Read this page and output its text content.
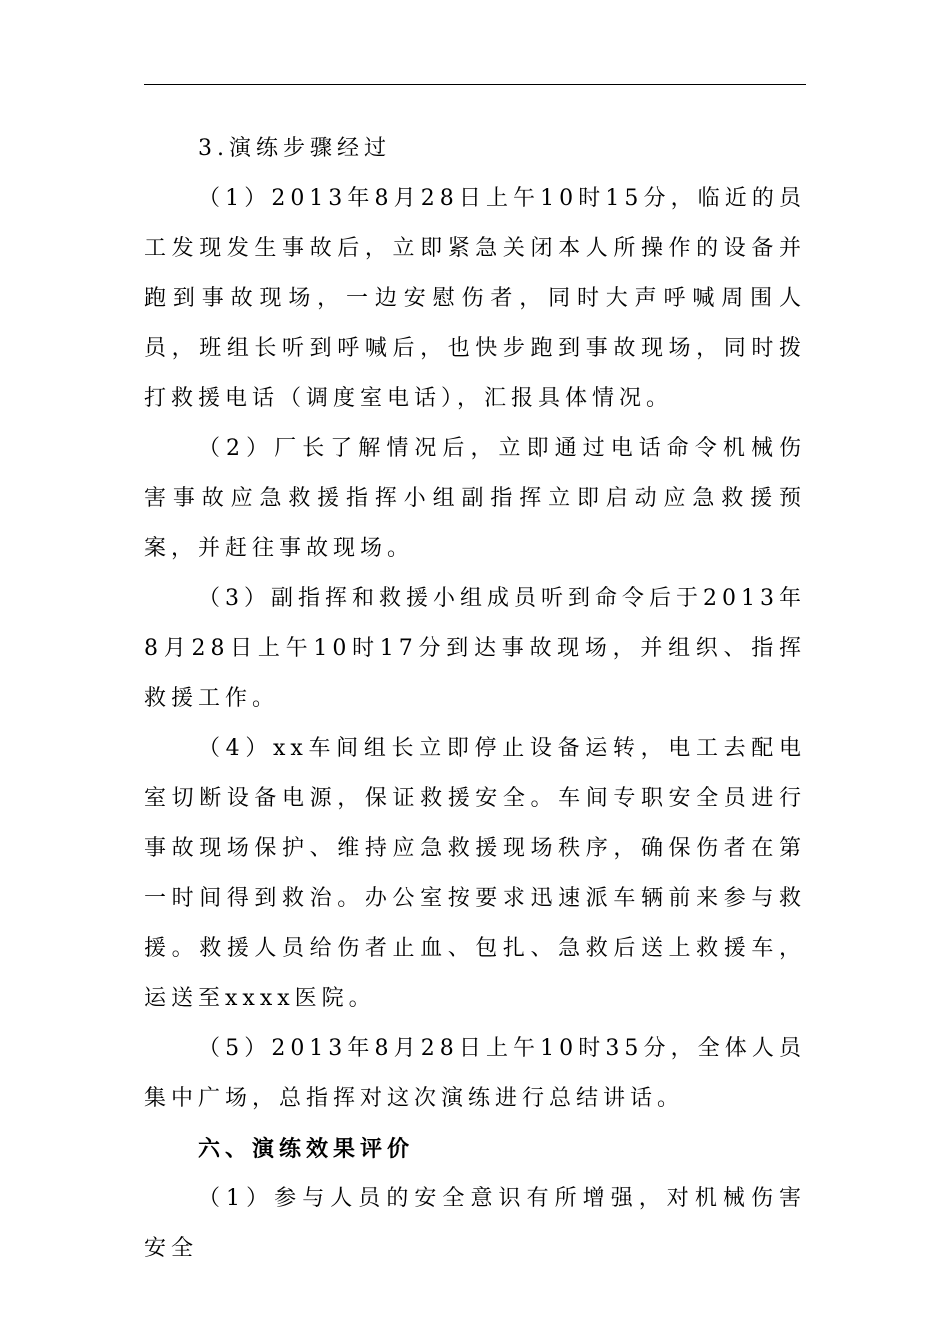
3.演练步骤经过

（1）2013年8月28日上午10时15分，临近的员工发现发生事故后，立即紧急关闭本人所操作的设备并跑到事故现场，一边安慰伤者，同时大声呼喊周围人员，班组长听到呼喊后，也快步跑到事故现场，同时拨打救援电话（调度室电话），汇报具体情况。

（2）厂长了解情况后，立即通过电话命令机械伤害事故应急救援指挥小组副指挥立即启动应急救援预案，并赶往事故现场。

（3）副指挥和救援小组成员听到命令后于2013年8月28日上午10时17分到达事故现场，并组织、指挥救援工作。

（4）xx车间组长立即停止设备运转，电工去配电室切断设备电源，保证救援安全。车间专职安全员进行事故现场保护、维持应急救援现场秩序，确保伤者在第一时间得到救治。办公室按要求迅速派车辆前来参与救援。救援人员给伤者止血、包扎、急救后送上救援车，运送至xxxx医院。

（5）2013年8月28日上午10时35分，全体人员集中广场，总指挥对这次演练进行总结讲话。

六、演练效果评价

（1）参与人员的安全意识有所增强，对机械伤害安全
